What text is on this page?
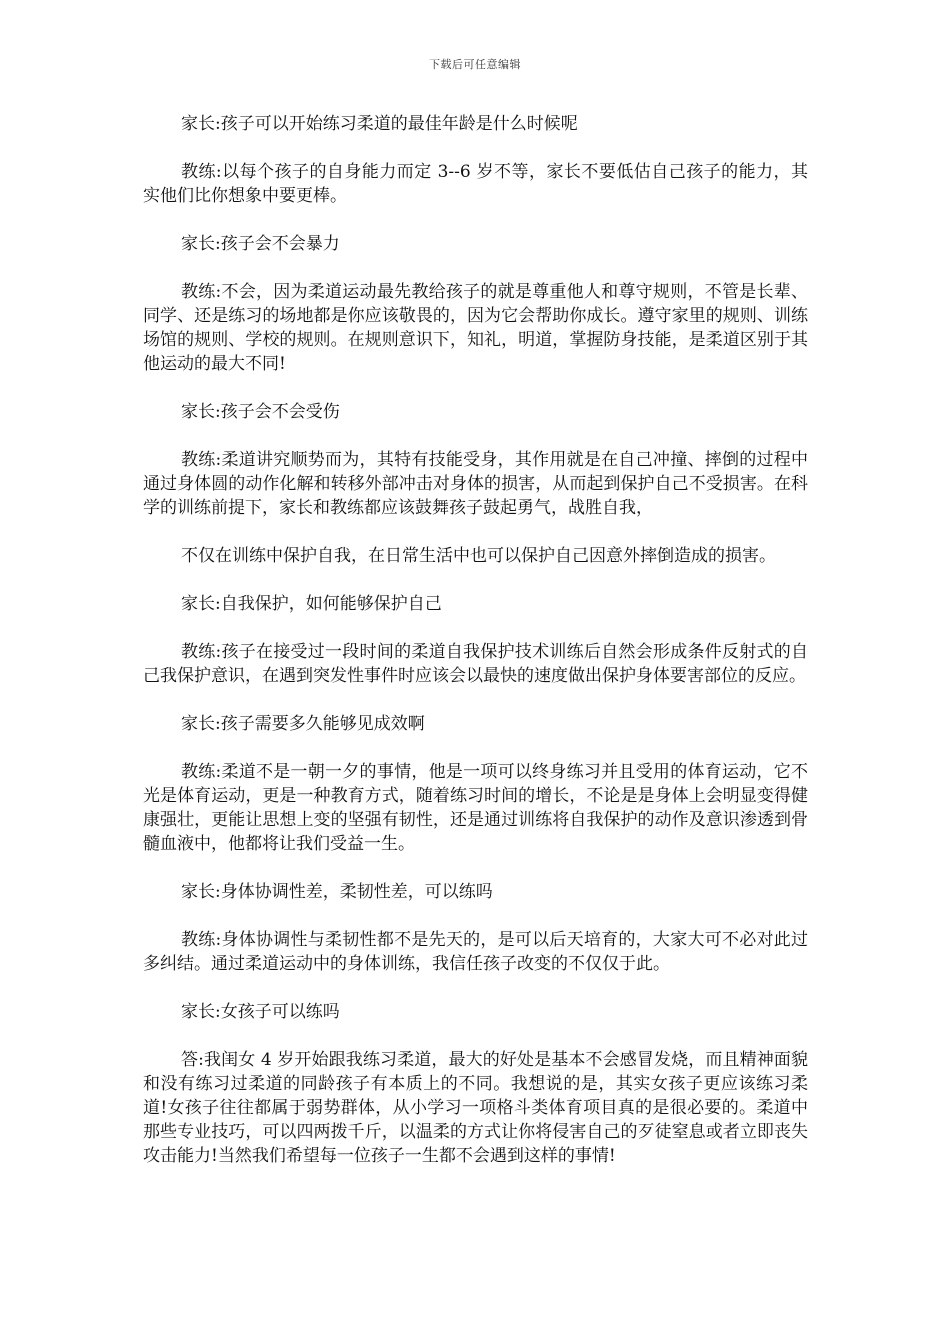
下载后可任意编辑

家长:孩子可以开始练习柔道的最佳年龄是什么时候呢

教练:以每个孩子的自身能力而定 3--6 岁不等，家长不要低估自己孩子的能力，其实他们比你想象中要更棒。

家长:孩子会不会暴力

教练:不会，因为柔道运动最先教给孩子的就是尊重他人和尊守规则，不管是长辈、同学、还是练习的场地都是你应该敬畏的，因为它会帮助你成长。遵守家里的规则、训练场馆的规则、学校的规则。在规则意识下，知礼，明道，掌握防身技能，是柔道区别于其他运动的最大不同!

家长:孩子会不会受伤

教练:柔道讲究顺势而为，其特有技能受身，其作用就是在自己冲撞、摔倒的过程中通过身体圆的动作化解和转移外部冲击对身体的损害，从而起到保护自己不受损害。在科学的训练前提下，家长和教练都应该鼓舞孩子鼓起勇气，战胜自我，

不仅在训练中保护自我，在日常生活中也可以保护自己因意外摔倒造成的损害。

家长:自我保护，如何能够保护自己

教练:孩子在接受过一段时间的柔道自我保护技术训练后自然会形成条件反射式的自己我保护意识，在遇到突发性事件时应该会以最快的速度做出保护身体要害部位的反应。

家长:孩子需要多久能够见成效啊

教练:柔道不是一朝一夕的事情，他是一项可以终身练习并且受用的体育运动，它不光是体育运动，更是一种教育方式，随着练习时间的增长，不论是是身体上会明显变得健康强壮，更能让思想上变的坚强有韧性，还是通过训练将自我保护的动作及意识渗透到骨髓血液中，他都将让我们受益一生。

家长:身体协调性差，柔韧性差，可以练吗

教练:身体协调性与柔韧性都不是先天的，是可以后天培育的，大家大可不必对此过多纠结。通过柔道运动中的身体训练，我信任孩子改变的不仅仅于此。

家长:女孩子可以练吗

答:我闺女 4 岁开始跟我练习柔道，最大的好处是基本不会感冒发烧，而且精神面貌和没有练习过柔道的同龄孩子有本质上的不同。我想说的是，其实女孩子更应该练习柔道!女孩子往往都属于弱势群体，从小学习一项格斗类体育项目真的是很必要的。柔道中那些专业技巧，可以四两拨千斤，以温柔的方式让你将侵害自己的歹徒窒息或者立即丧失攻击能力!当然我们希望每一位孩子一生都不会遇到这样的事情!
